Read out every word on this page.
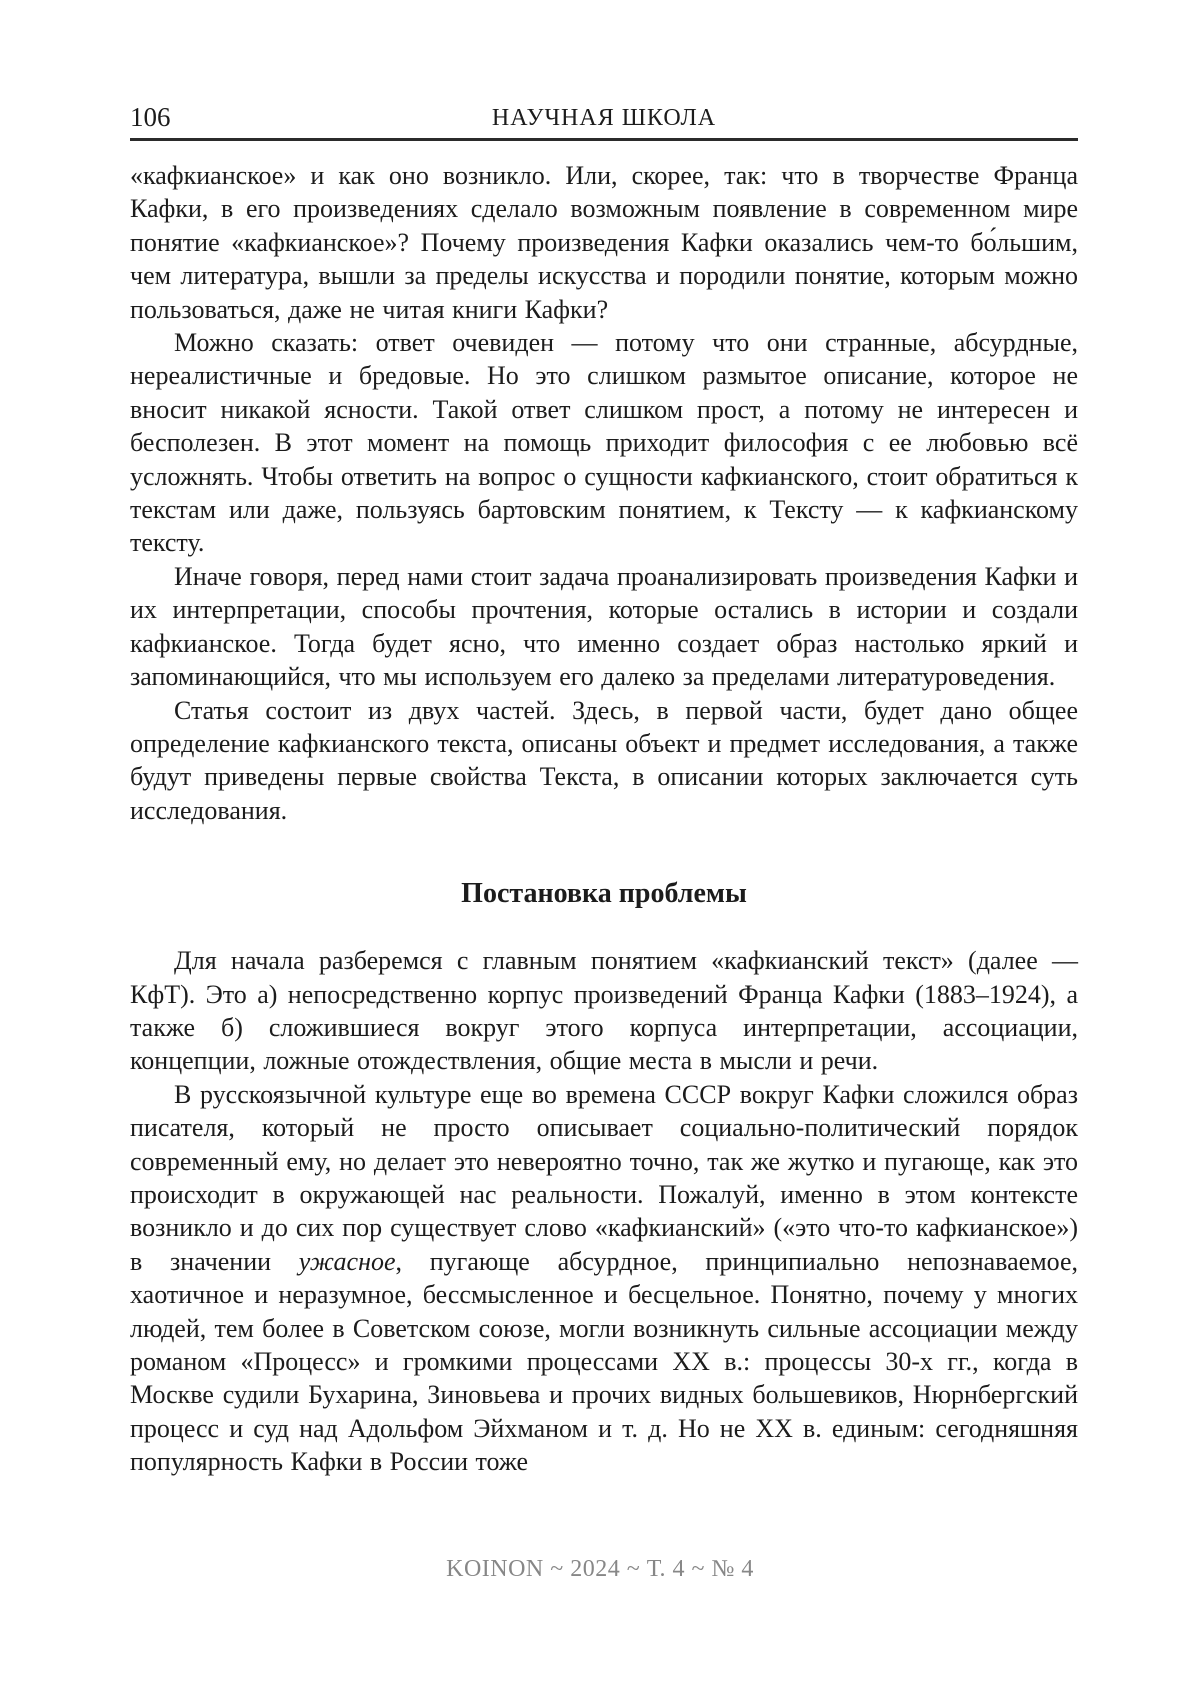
106	НАУЧНАЯ ШКОЛА

«кафкианское» и как оно возникло. Или, скорее, так: что в творчестве Франца Кафки, в его произведениях сделало возможным появление в современном мире понятие «кафкианское»? Почему произведения Кафки оказались чем-то бо́льшим, чем литература, вышли за пределы искусства и породили понятие, которым можно пользоваться, даже не читая книги Кафки?

Можно сказать: ответ очевиден — потому что они странные, абсурдные, нереалистичные и бредовые. Но это слишком размытое описание, которое не вносит никакой ясности. Такой ответ слишком прост, а потому не интересен и бесполезен. В этот момент на помощь приходит философия с ее любовью всё усложнять. Чтобы ответить на вопрос о сущности кафкианского, стоит обратиться к текстам или даже, пользуясь бартовским понятием, к Тексту — к кафкианскому тексту.

Иначе говоря, перед нами стоит задача проанализировать произведения Кафки и их интерпретации, способы прочтения, которые остались в истории и создали кафкианское. Тогда будет ясно, что именно создает образ настолько яркий и запоминающийся, что мы используем его далеко за пределами литературоведения.

Статья состоит из двух частей. Здесь, в первой части, будет дано общее определение кафкианского текста, описаны объект и предмет исследования, а также будут приведены первые свойства Текста, в описании которых заключается суть исследования.

Постановка проблемы

Для начала разберемся с главным понятием «кафкианский текст» (далее — КфТ). Это а) непосредственно корпус произведений Франца Кафки (1883–1924), а также б) сложившиеся вокруг этого корпуса интерпретации, ассоциации, концепции, ложные отождествления, общие места в мысли и речи.

В русскоязычной культуре еще во времена СССР вокруг Кафки сложился образ писателя, который не просто описывает социально-политический порядок современный ему, но делает это невероятно точно, так же жутко и пугающе, как это происходит в окружающей нас реальности. Пожалуй, именно в этом контексте возникло и до сих пор существует слово «кафкианский» («это что-то кафкианское») в значении ужасное, пугающе абсурдное, принципиально непознаваемое, хаотичное и неразумное, бессмысленное и бесцельное. Понятно, почему у многих людей, тем более в Советском союзе, могли возникнуть сильные ассоциации между романом «Процесс» и громкими процессами XX в.: процессы 30-х гг., когда в Москве судили Бухарина, Зиновьева и прочих видных большевиков, Нюрнбергский процесс и суд над Адольфом Эйхманом и т. д. Но не XX в. единым: сегодняшняя популярность Кафки в России тоже

KOINON ~ 2024 ~ Т. 4 ~ № 4
